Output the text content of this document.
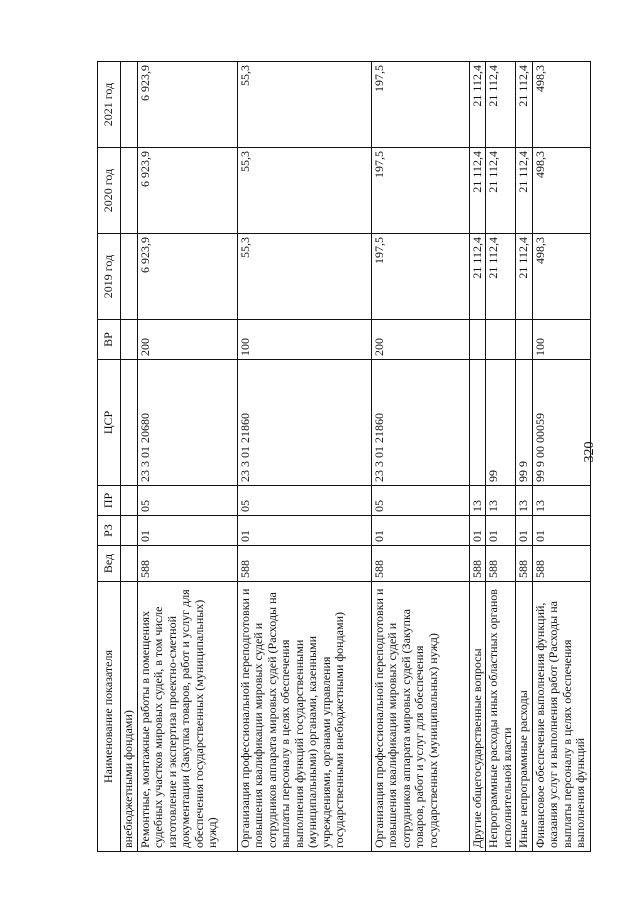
320
Наименование показателя	Вед	РЗ	ПР	ЦСР	ВР	2019 год	2020 год	2021 год
внебюджетными фондами)								
Ремонтные, монтажные работы в помещениях судебных участков мировых судей, в том числе изготовление и экспертиза проектно-сметной документации (Закупка товаров, работ и услуг для обеспечения государственных (муниципальных) нужд)	588	01	05	23 3 01 20680	200	6 923,9	6 923,9	6 923,9
Организация профессиональной переподготовки и повышения квалификации мировых судей и сотрудников аппарата мировых судей (Расходы на выплаты персоналу в целях обеспечения выполнения функций государственными (муниципальными) органами, казенными учреждениями, органами управления государственными внебюджетными фондами)	588	01	05	23 3 01 21860	100	55,3	55,3	55,3
Организация профессиональной переподготовки и повышения квалификации мировых судей и сотрудников аппарата мировых судей (Закупка товаров, работ и услуг для обеспечения государственных (муниципальных) нужд)	588	01	05	23 3 01 21860	200	197,5	197,5	197,5
Другие общегосударственные вопросы	588	01	13			21 112,4	21 112,4	21 112,4
Непрограммные расходы иных областных органов исполнительной власти	588	01	13	99		21 112,4	21 112,4	21 112,4
Иные непрограммные расходы	588	01	13	99 9		21 112,4	21 112,4	21 112,4
Финансовое обеспечение выполнения функций, оказания услуг и выполнения работ (Расходы на выплаты персоналу в целях обеспечения выполнения функций	588	01	13	99 9 00 00059	100	498,3	498,3	498,3
